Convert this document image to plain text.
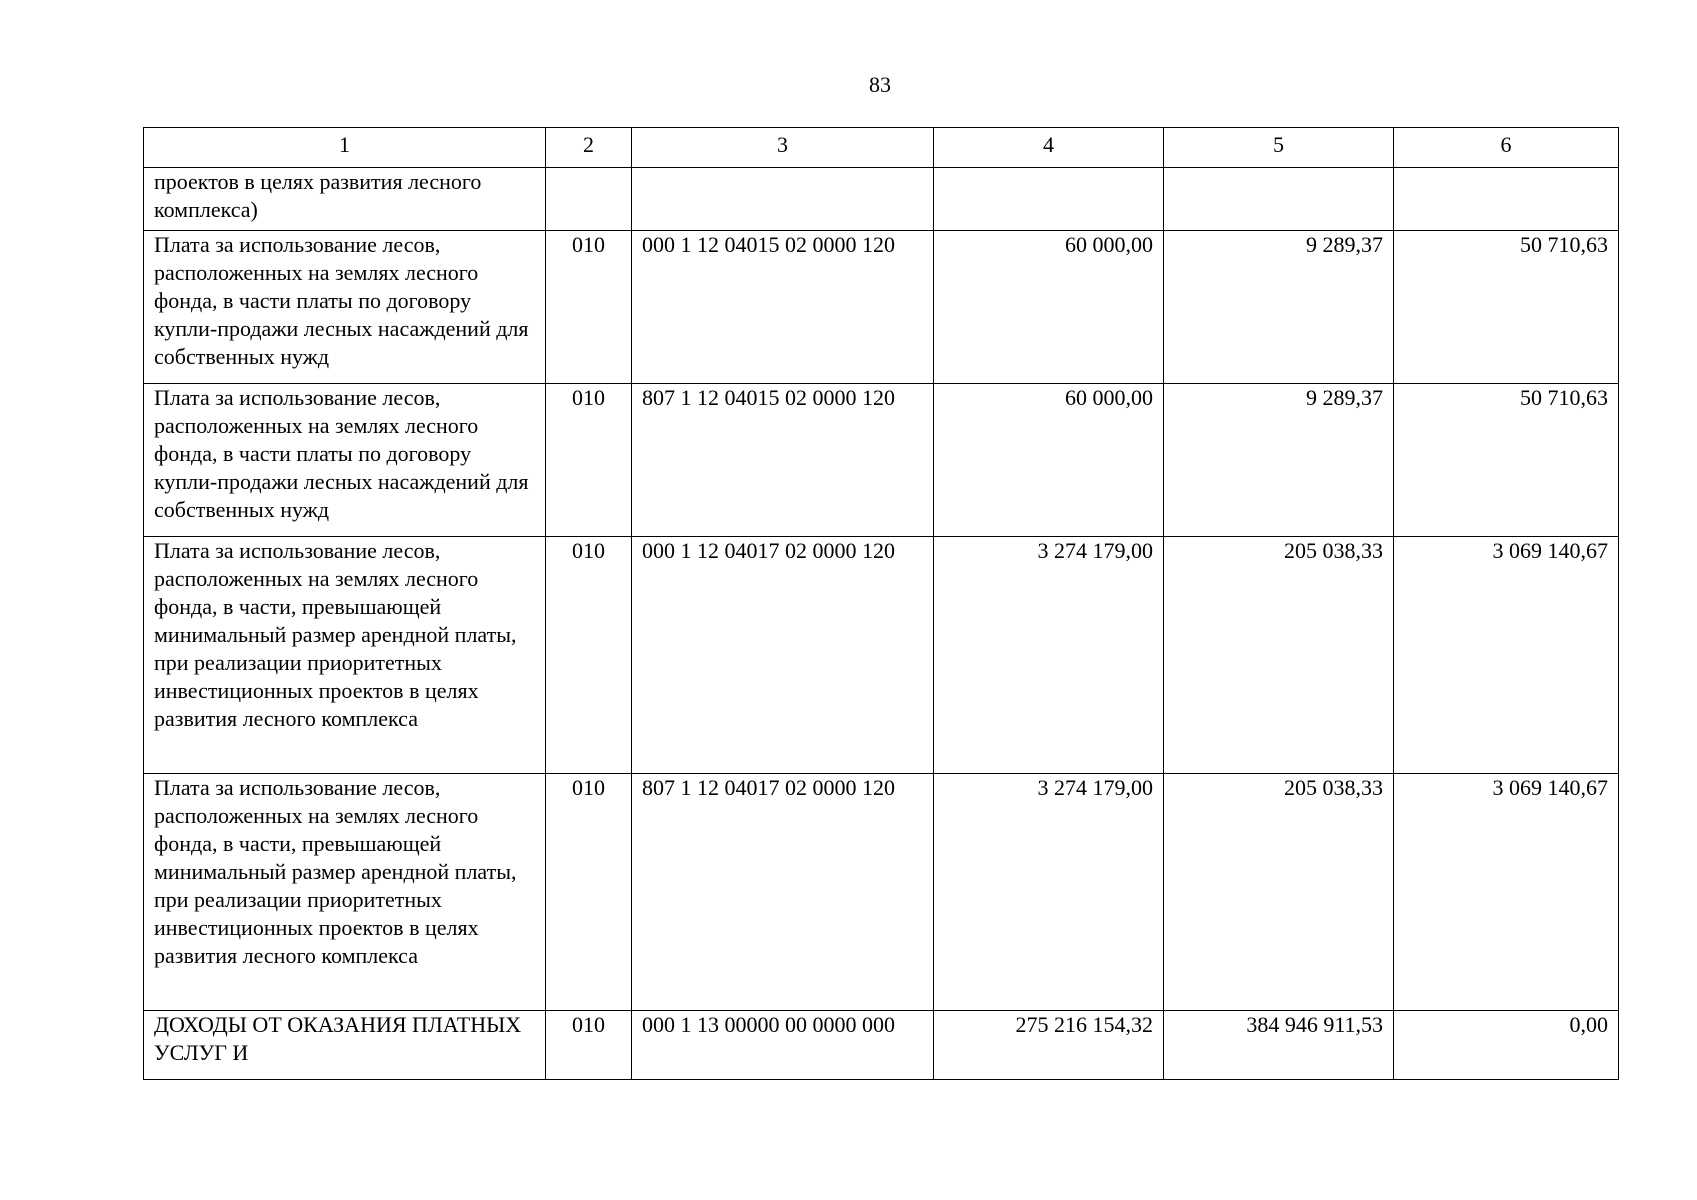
83
1	2	3	4	5	6
проектов в целях развития лесного комплекса)					
Плата за использование лесов, расположенных на землях лесного фонда, в части платы по договору купли-продажи лесных насаждений для собственных нужд	010	000 1 12 04015 02 0000 120	60 000,00	9 289,37	50 710,63
Плата за использование лесов, расположенных на землях лесного фонда, в части платы по договору купли-продажи лесных насаждений для собственных нужд	010	807 1 12 04015 02 0000 120	60 000,00	9 289,37	50 710,63
Плата за использование лесов, расположенных на землях лесного фонда, в части, превышающей минимальный размер арендной платы, при реализации приоритетных инвестиционных проектов в целях развития лесного комплекса	010	000 1 12 04017 02 0000 120	3 274 179,00	205 038,33	3 069 140,67
Плата за использование лесов, расположенных на землях лесного фонда, в части, превышающей минимальный размер арендной платы, при реализации приоритетных инвестиционных проектов в целях развития лесного комплекса	010	807 1 12 04017 02 0000 120	3 274 179,00	205 038,33	3 069 140,67
ДОХОДЫ ОТ ОКАЗАНИЯ ПЛАТНЫХ УСЛУГ И	010	000 1 13 00000 00 0000 000	275 216 154,32	384 946 911,53	0,00
